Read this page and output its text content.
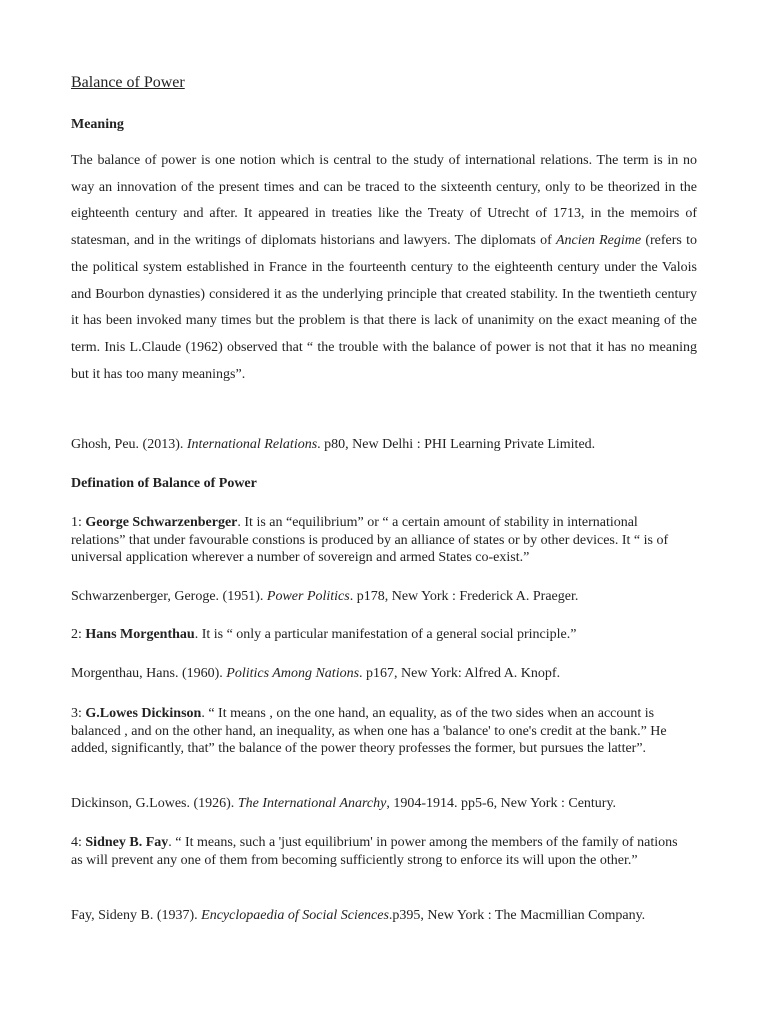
Balance of Power
Meaning

The balance of power is one notion which is central to the study of international relations. The term is in no way an innovation of the present times and can be traced to the sixteenth century, only to be theorized in the eighteenth century and after. It appeared in treaties like the Treaty of Utrecht of 1713, in the memoirs of statesman, and in the writings of diplomats historians and lawyers. The diplomats of Ancien Regime (refers to the political system established in France in the fourteenth century to the eighteenth century under the Valois and Bourbon dynasties) considered it as the underlying principle that created stability. In the twentieth century it has been invoked many times but the problem is that there is lack of unanimity on the exact meaning of the term. Inis L.Claude (1962) observed that “ the trouble with the balance of power is not that it has no meaning but it has too many meanings”.

Ghosh, Peu. (2013). International Relations. p80, New Delhi : PHI Learning Private Limited.

Defination of Balance of Power

1: George Schwarzenberger. It is an “equilibrium” or “ a certain amount of stability in international relations” that under favourable constions is produced by an alliance of states or by other devices. It “ is of universal application wherever a number of sovereign and armed States co-exist.”

Schwarzenberger, Geroge. (1951). Power Politics. p178, New York : Frederick A. Praeger.

2: Hans Morgenthau. It is “ only a particular manifestation of a general social principle.”

Morgenthau, Hans. (1960). Politics Among Nations. p167, New York: Alfred A. Knopf.

3: G.Lowes Dickinson. “ It means , on the one hand, an equality, as of the two sides when an account is balanced , and on the other hand, an inequality, as when one has a 'balance' to one's credit at the bank.” He added, significantly, that” the balance of the power theory professes the former, but pursues the latter”.

Dickinson, G.Lowes. (1926). The International Anarchy, 1904-1914. pp5-6, New York : Century.

4: Sidney B. Fay. “ It means, such a 'just equilibrium' in power among the members of the family of nations as will prevent any one of them from becoming sufficiently strong to enforce its will upon the other.”

Fay, Sideny B. (1937). Encyclopaedia of Social Sciences.p395, New York : The Macmillian Company.
